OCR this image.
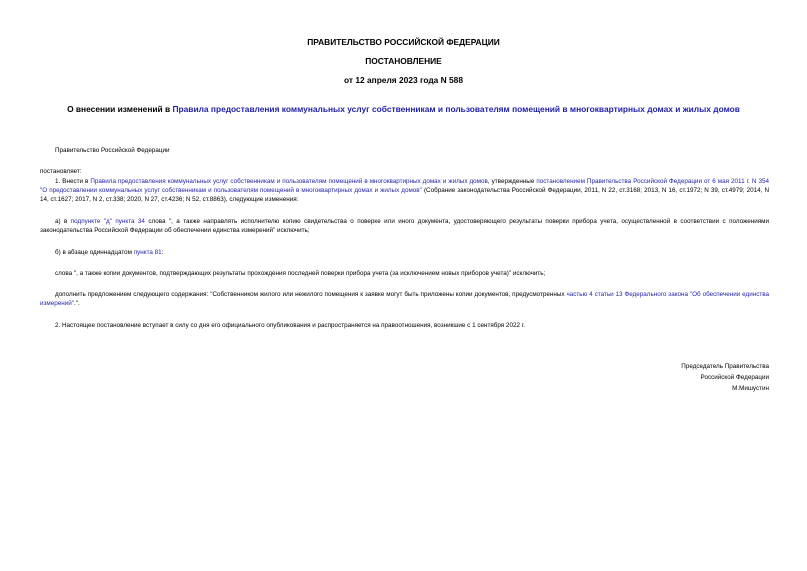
ПРАВИТЕЛЬСТВО РОССИЙСКОЙ ФЕДЕРАЦИИ
ПОСТАНОВЛЕНИЕ
от 12 апреля 2023 года N 588
О внесении изменений в Правила предоставления коммунальных услуг собственникам и пользователям помещений в многоквартирных домах и жилых домов
Правительство Российской Федерации
постановляет:
1. Внести в Правила предоставления коммунальных услуг собственникам и пользователям помещений в многоквартирных домах и жилых домов, утвержденные постановлением Правительства Российской Федерации от 6 мая 2011 г. N 354 "О предоставлении коммунальных услуг собственникам и пользователям помещений в многоквартирных домах и жилых домов" (Собрание законодательства Российской Федерации, 2011, N 22, ст.3168; 2013, N 16, ст.1972; N 39, ст.4979; 2014, N 14, ст.1627; 2017, N 2, ст.338; 2020, N 27, ст.4236; N 52, ст.8863), следующие изменения:
а) в подпункте "д" пункта 34 слова ", а также направлять исполнителю копию свидетельства о поверке или иного документа, удостоверяющего результаты поверки прибора учета, осуществленной в соответствии с положениями законодательства Российской Федерации об обеспечении единства измерений" исключить;
б) в абзаце одиннадцатом пункта 81:
слова ", а также копии документов, подтверждающих результаты прохождения последней поверки прибора учета (за исключением новых приборов учета)" исключить;
дополнить предложением следующего содержания: "Собственником жилого или нежилого помещения к заявке могут быть приложены копии документов, предусмотренных частью 4 статьи 13 Федерального закона "Об обеспечении единства измерений".".
2. Настоящее постановление вступает в силу со дня его официального опубликования и распространяется на правоотношения, возникшие с 1 сентября 2022 г.
Председатель Правительства
Российской Федерации
М.Мишустин
